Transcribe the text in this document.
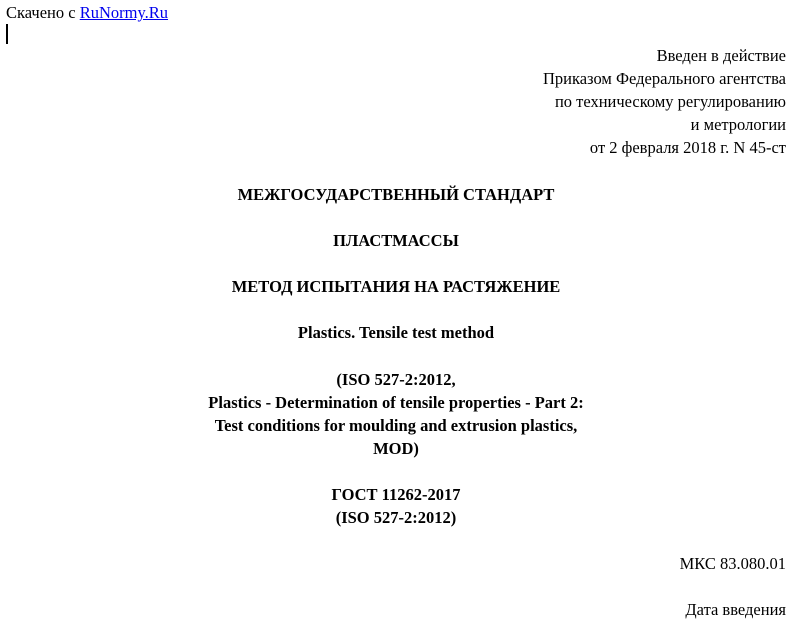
Скачено с RuNormy.Ru
Введен в действие
Приказом Федерального агентства
по техническому регулированию
и метрологии
от 2 февраля 2018 г. N 45-ст
МЕЖГОСУДАРСТВЕННЫЙ СТАНДАРТ
ПЛАСТМАССЫ
МЕТОД ИСПЫТАНИЯ НА РАСТЯЖЕНИЕ
Plastics. Tensile test method
(ISO 527-2:2012,
Plastics - Determination of tensile properties - Part 2:
Test conditions for moulding and extrusion plastics,
MOD)
ГОСТ 11262-2017
(ISO 527-2:2012)
МКС 83.080.01
Дата введения
